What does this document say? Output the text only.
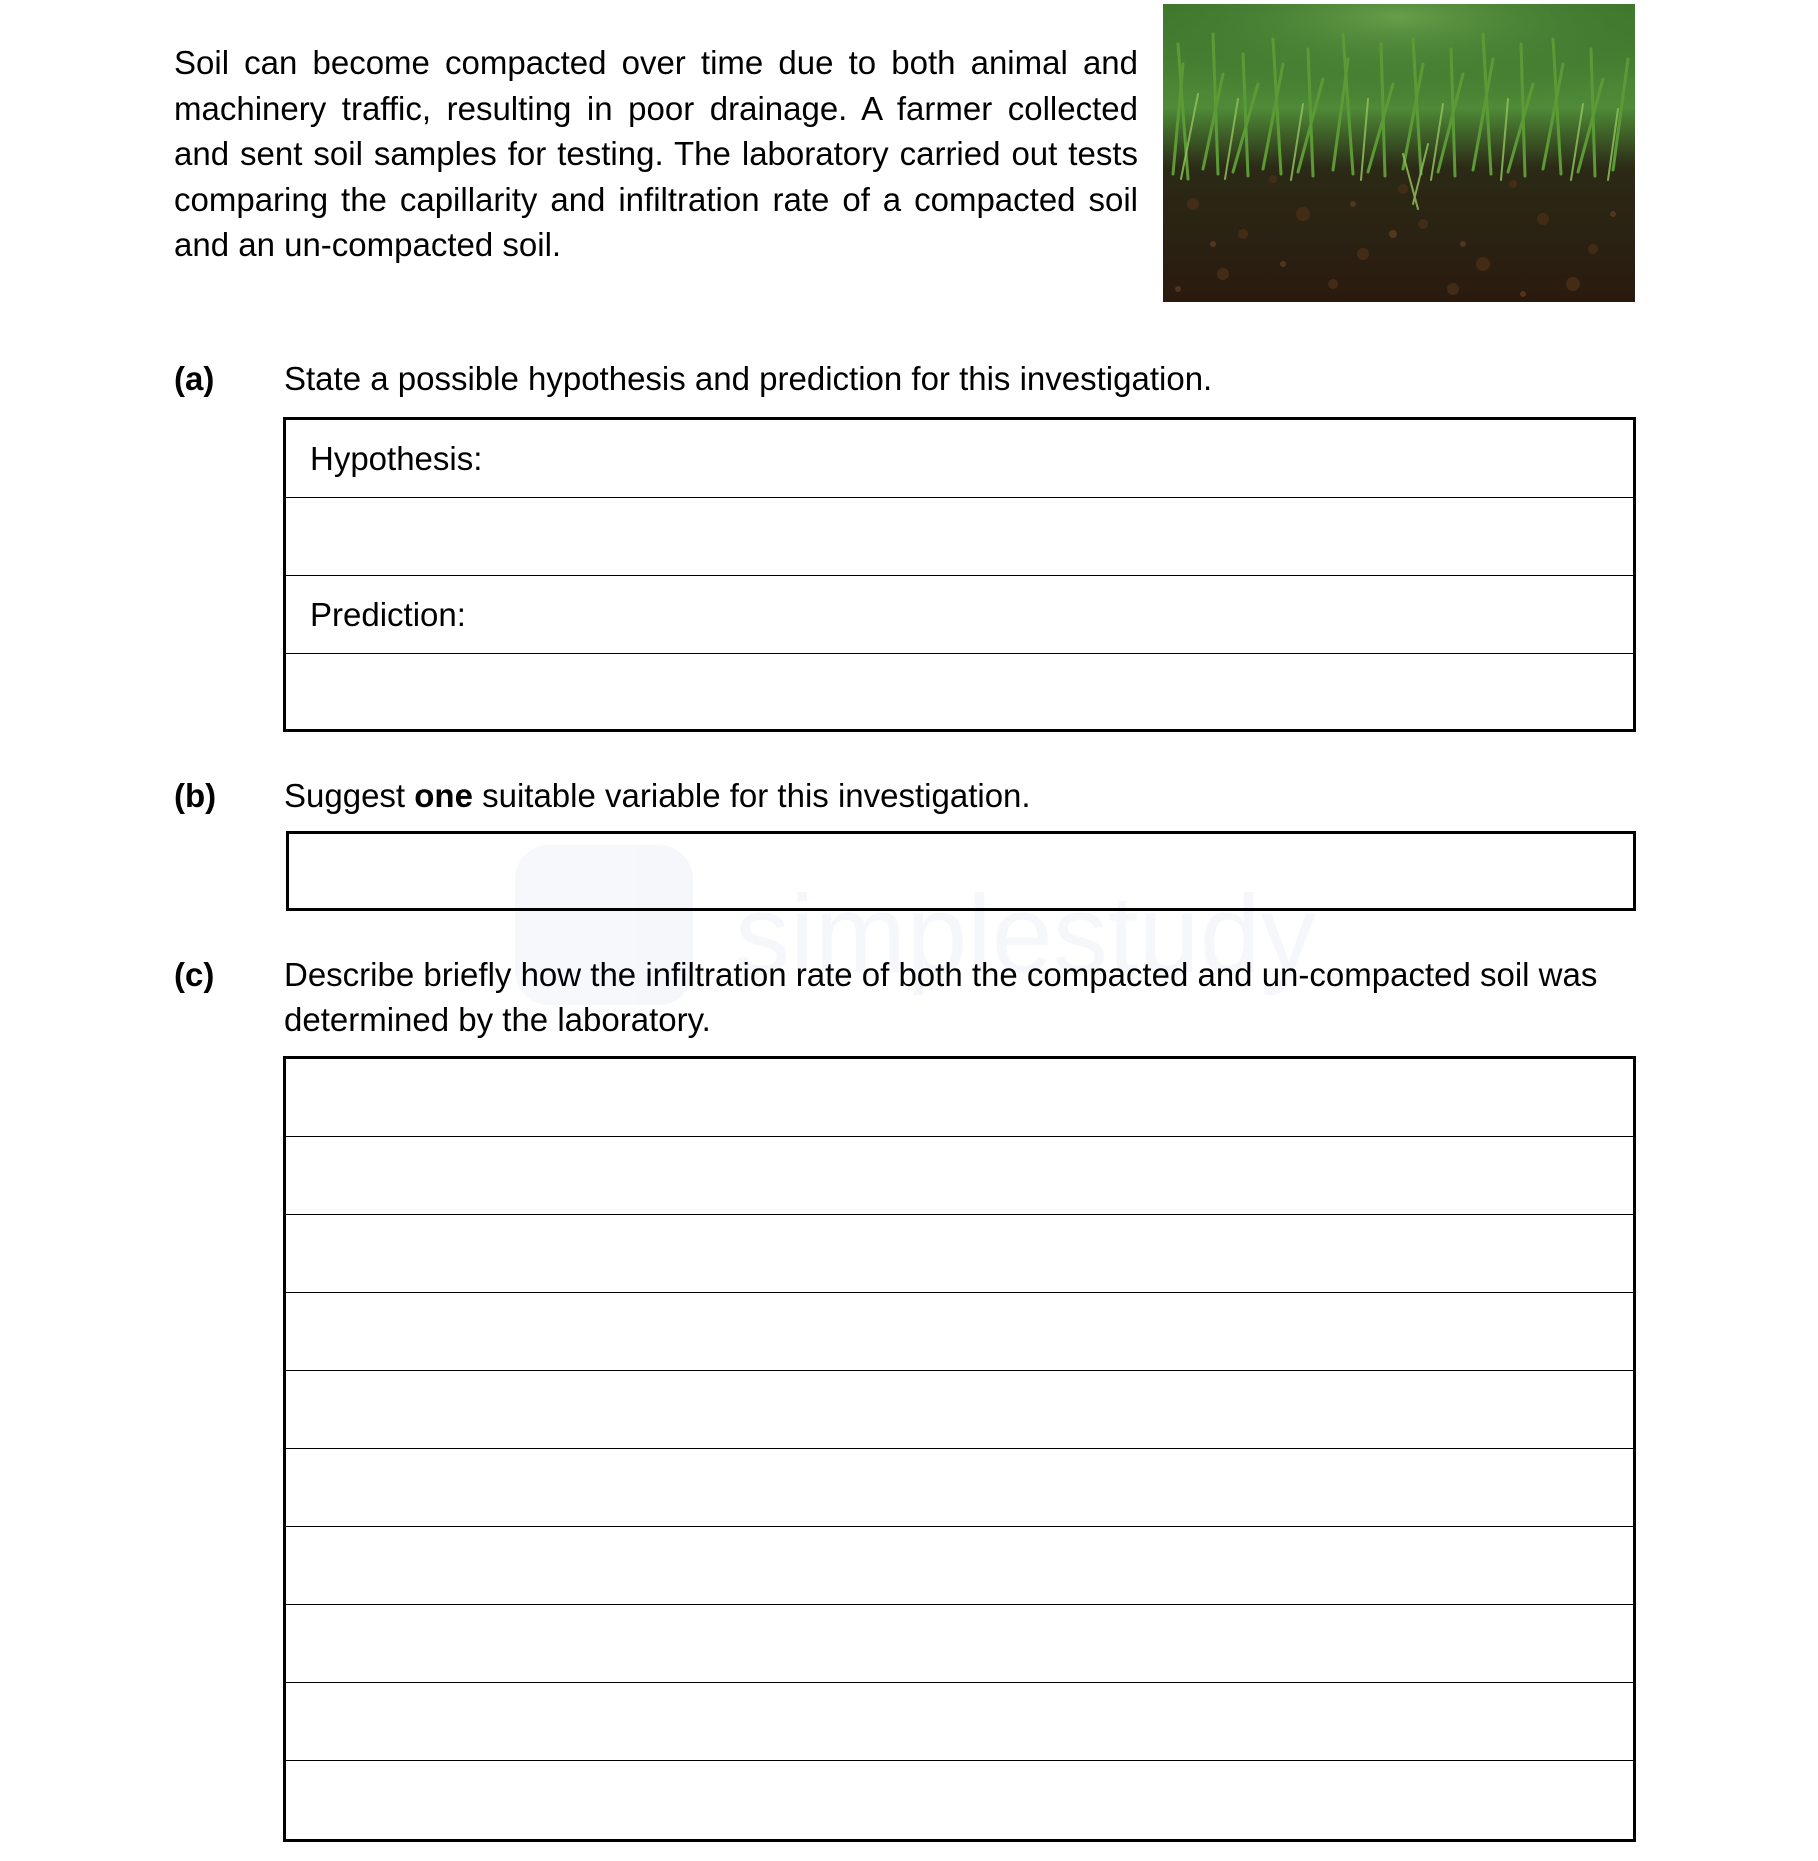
Soil can become compacted over time due to both animal and machinery traffic, resulting in poor drainage. A farmer collected and sent soil samples for testing. The laboratory carried out tests comparing the capillarity and infiltration rate of a compacted soil and an un-compacted soil.
(a) State a possible hypothesis and prediction for this investigation.
Hypothesis:
Prediction:
(b) Suggest one suitable variable for this investigation.
(c) Describe briefly how the infiltration rate of both the compacted and un-compacted soil was determined by the laboratory.
